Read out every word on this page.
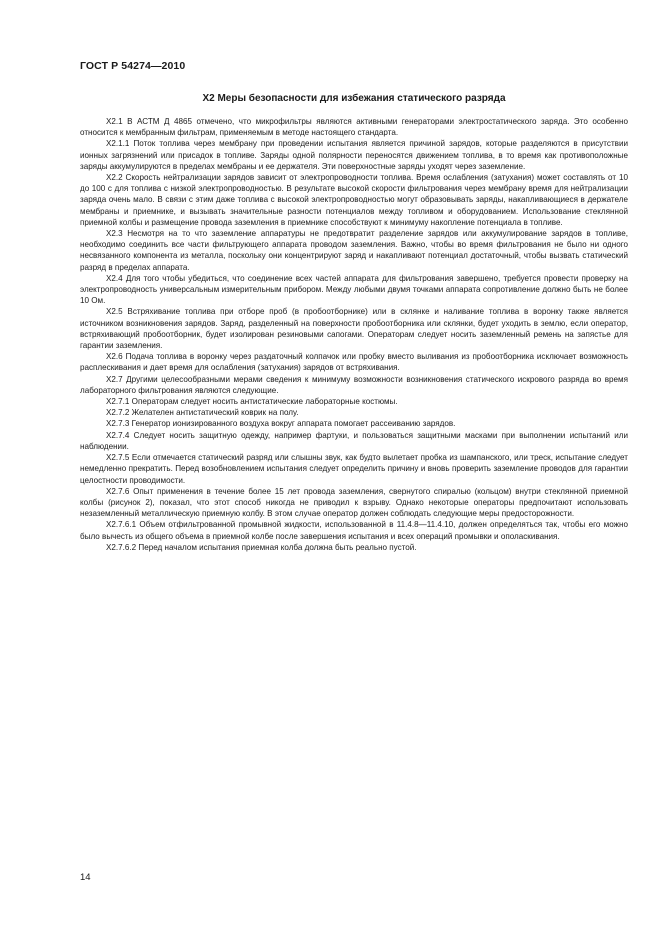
ГОСТ Р 54274—2010
X2 Меры безопасности для избежания статического разряда

X2.1 В АСТМ Д 4865 отмечено, что микрофильтры являются активными генераторами электростатического заряда. Это особенно относится к мембранным фильтрам, применяемым в методе настоящего стандарта.

X2.1.1 Поток топлива через мембрану при проведении испытания является причиной зарядов, которые разделяются в присутствии ионных загрязнений или присадок в топливе. Заряды одной полярности переносятся движением топлива, в то время как противоположные заряды аккумулируются в пределах мембраны и ее держателя. Эти поверхностные заряды уходят через заземление.

X2.2 Скорость нейтрализации зарядов зависит от электропроводности топлива. Время ослабления (затухания) может составлять от 10 до 100 с для топлива с низкой электропроводностью. В результате высокой скорости фильтрования через мембрану время для нейтрализации заряда очень мало. В связи с этим даже топлива с высокой электропроводностью могут образовывать заряды, накапливающиеся в держателе мембраны и приемнике, и вызывать значительные разности потенциалов между топливом и оборудованием. Использование стеклянной приемной колбы и размещение провода заземления в приемнике способствуют к минимуму накопление потенциала в топливе.

X2.3 Несмотря на то что заземление аппаратуры не предотвратит разделение зарядов или аккумулирование зарядов в топливе, необходимо соединить все части фильтрующего аппарата проводом заземления. Важно, чтобы во время фильтрования не было ни одного несвязанного компонента из металла, поскольку они концентрируют заряд и накапливают потенциал достаточный, чтобы вызвать статический разряд в пределах аппарата.

X2.4 Для того чтобы убедиться, что соединение всех частей аппарата для фильтрования завершено, требуется провести проверку на электропроводность универсальным измерительным прибором. Между любыми двумя точками аппарата сопротивление должно быть не более 10 Ом.

X2.5 Встряхивание топлива при отборе проб (в пробоотборнике) или в склянке и наливание топлива в воронку также является источником возникновения зарядов. Заряд, разделенный на поверхности пробоотборника или склянки, будет уходить в землю, если оператор, встряхивающий пробоотборник, будет изолирован резиновыми сапогами. Операторам следует носить заземленный ремень на запястье для гарантии заземления.

X2.6 Подача топлива в воронку через раздаточный колпачок или пробку вместо выливания из пробоотборника исключает возможность расплескивания и дает время для ослабления (затухания) зарядов от встряхивания.

X2.7 Другими целесообразными мерами сведения к минимуму возможности возникновения статического искрового разряда во время лабораторного фильтрования являются следующие.

X2.7.1 Операторам следует носить антистатические лабораторные костюмы.

X2.7.2 Желателен антистатический коврик на полу.

X2.7.3 Генератор ионизированного воздуха вокруг аппарата помогает рассеиванию зарядов.

X2.7.4 Следует носить защитную одежду, например фартуки, и пользоваться защитными масками при выполнении испытаний или наблюдении.

X2.7.5 Если отмечается статический разряд или слышны звук, как будто вылетает пробка из шампанского, или треск, испытание следует немедленно прекратить. Перед возобновлением испытания следует определить причину и вновь проверить заземление проводов для гарантии целостности проводимости.

X2.7.6 Опыт применения в течение более 15 лет провода заземления, свернутого спиралью (кольцом) внутри стеклянной приемной колбы (рисунок 2), показал, что этот способ никогда не приводил к взрыву. Однако некоторые операторы предпочитают использовать незаземленный металлическую приемную колбу. В этом случае оператор должен соблюдать следующие меры предосторожности.

X2.7.6.1 Объем отфильтрованной промывной жидкости, использованной в 11.4.8—11.4.10, должен определяться так, чтобы его можно было вычесть из общего объема в приемной колбе после завершения испытания и всех операций промывки и ополаскивания.

X2.7.6.2 Перед началом испытания приемная колба должна быть реально пустой.

14
